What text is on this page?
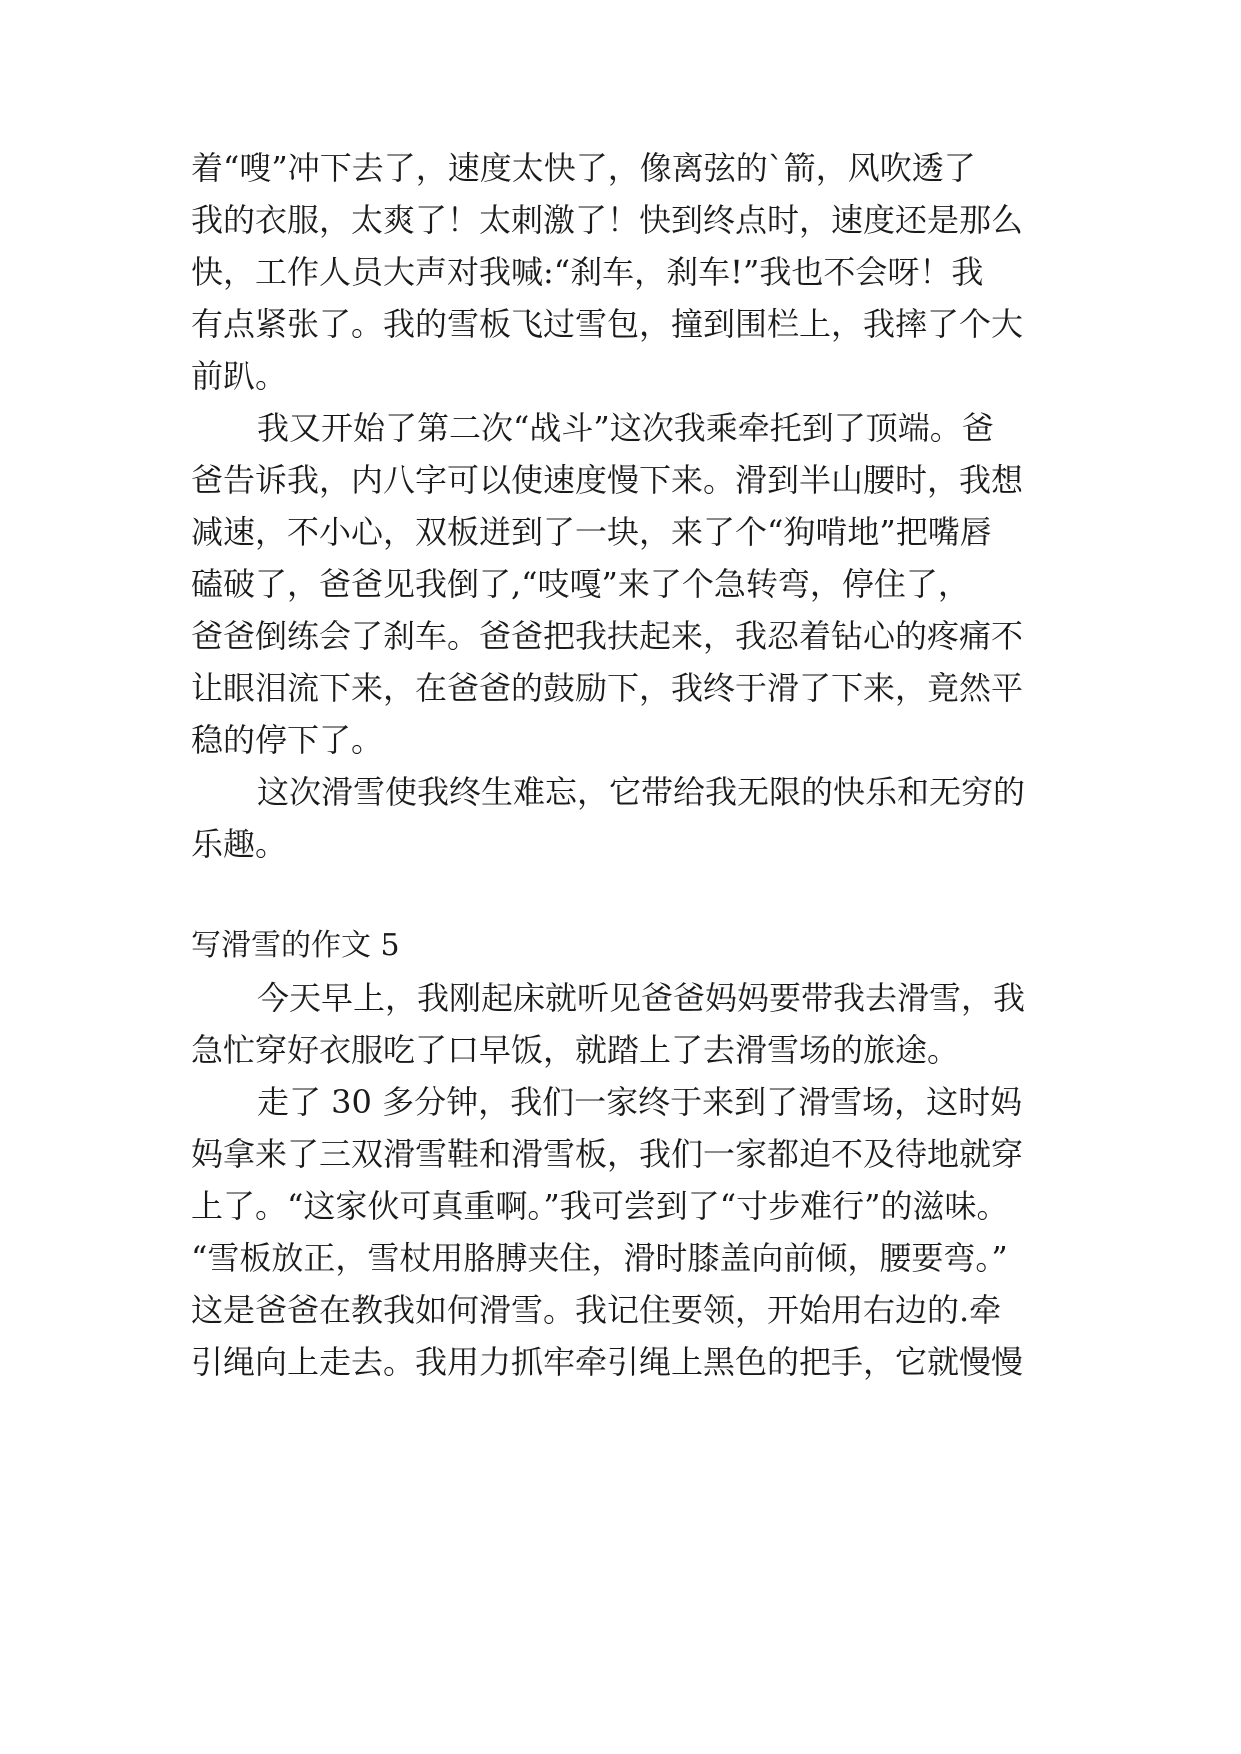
着“嗖”冲下去了，速度太快了，像离弦的`箭，风吹透了
我的衣服，太爽了！太刺激了！快到终点时，速度还是那么
快，工作人员大声对我喊:“刹车，刹车!”我也不会呀！我
有点紧张了。我的雪板飞过雪包，撞到围栏上，我摔了个大
前趴。
我又开始了第二次“战斗”这次我乘牵托到了顶端。爸
爸告诉我，内八字可以使速度慢下来。滑到半山腰时，我想
减速，不小心，双板迸到了一块，来了个“狗啃地”把嘴唇
磕破了，爸爸见我倒了,“吱嘎”来了个急转弯，停住了，
爸爸倒练会了刹车。爸爸把我扶起来，我忍着钻心的疼痛不
让眼泪流下来，在爸爸的鼓励下，我终于滑了下来，竟然平
稳的停下了。
这次滑雪使我终生难忘，它带给我无限的快乐和无穷的
乐趣。
写滑雪的作文 5
今天早上，我刚起床就听见爸爸妈妈要带我去滑雪，我
急忙穿好衣服吃了口早饭，就踏上了去滑雪场的旅途。
走了 30 多分钟，我们一家终于来到了滑雪场，这时妈
妈拿来了三双滑雪鞋和滑雪板，我们一家都迫不及待地就穿
上了。“这家伙可真重啊。”我可尝到了“寸步难行”的滋味。
“雪板放正，雪杖用胳膊夹住，滑时膝盖向前倾，腰要弯。”
这是爸爸在教我如何滑雪。我记住要领，开始用右边的.牵
引绳向上走去。我用力抓牢牵引绳上黑色的把手，它就慢慢
